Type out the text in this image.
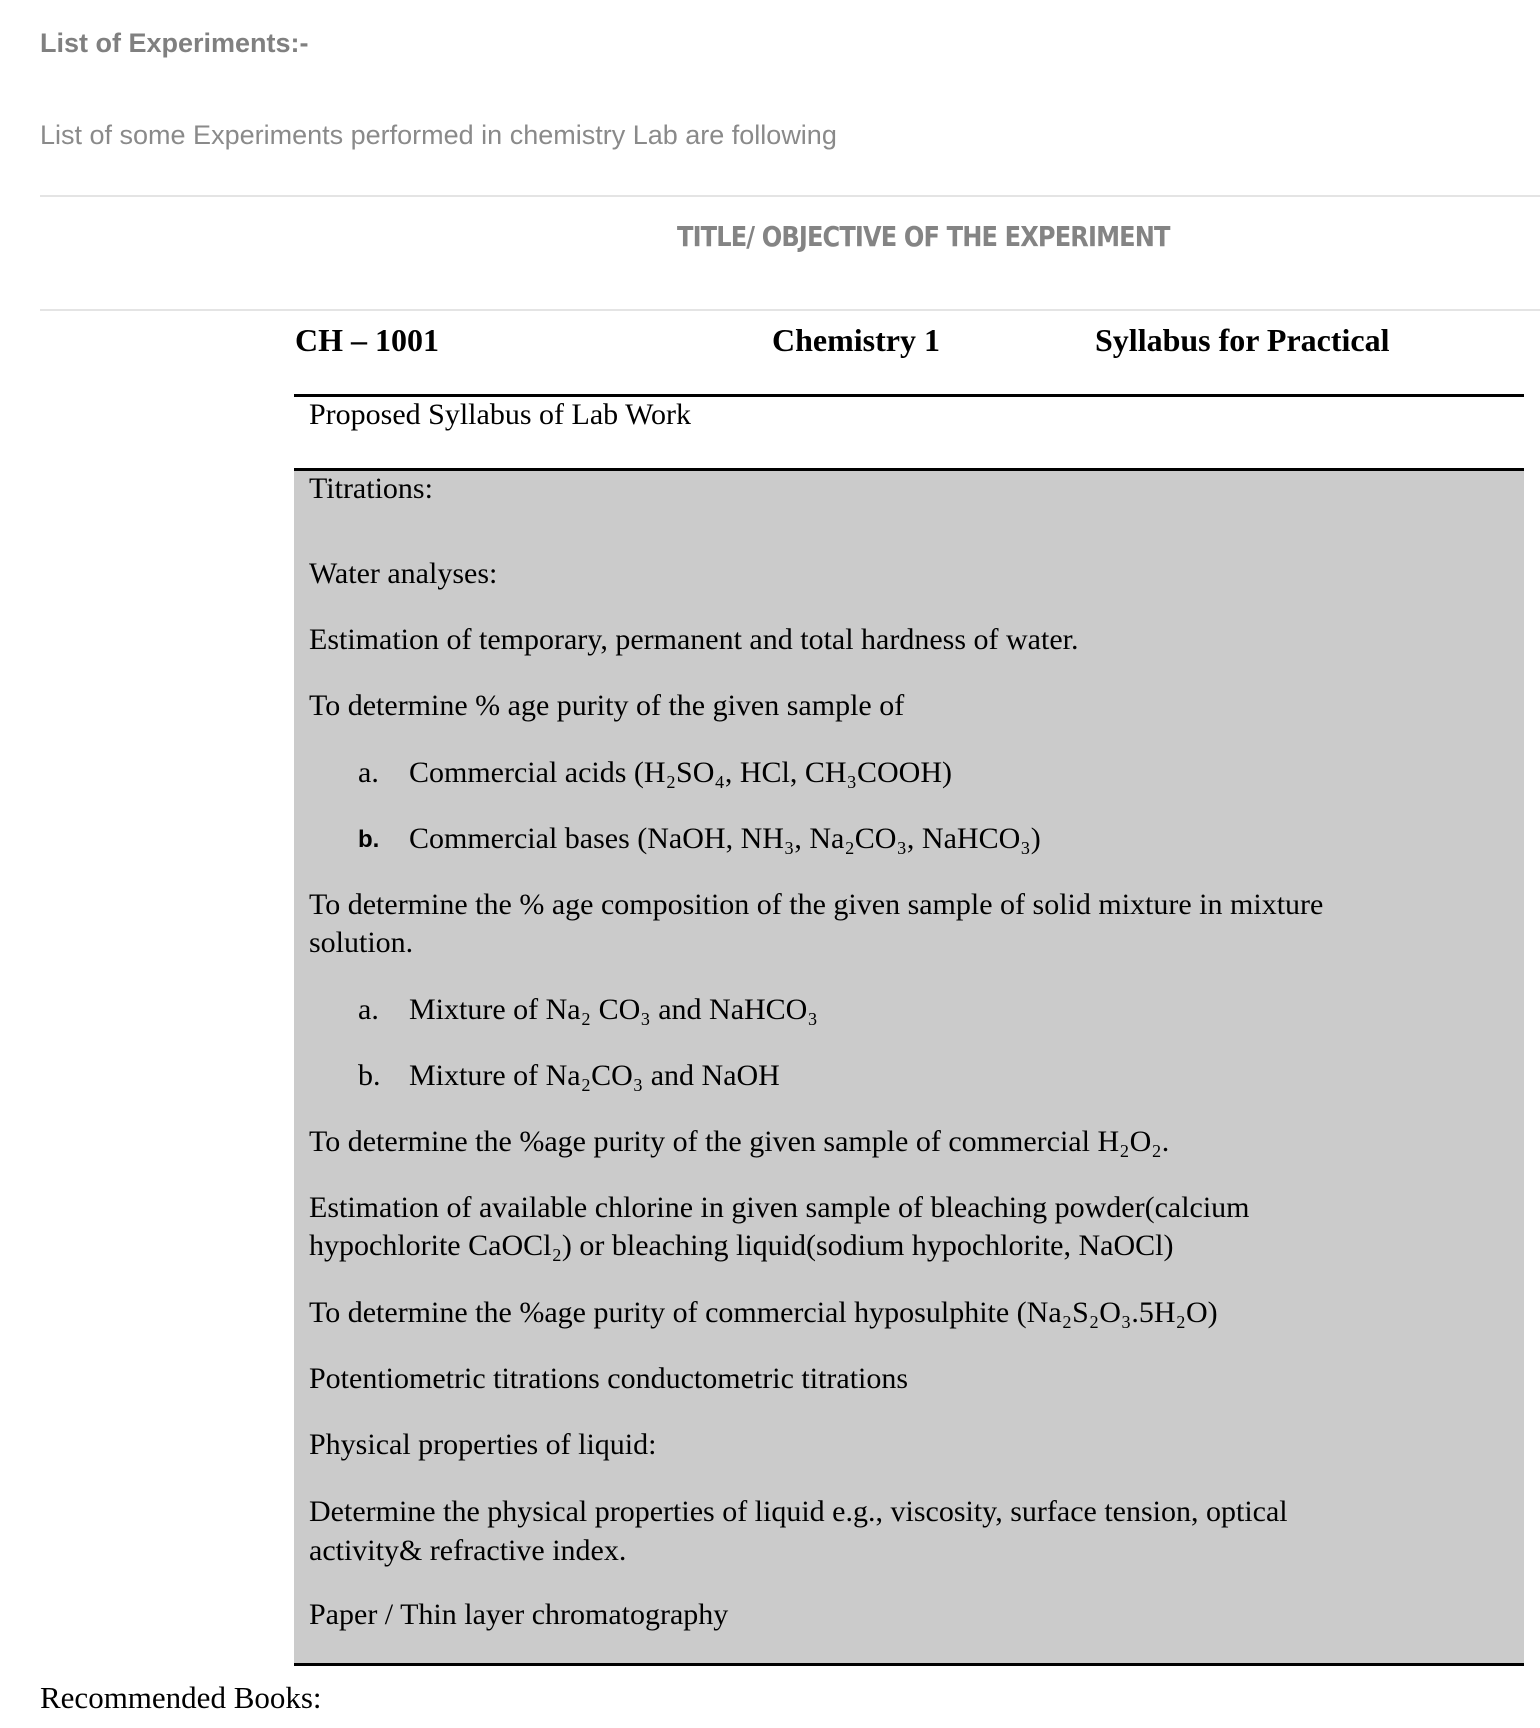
List of Experiments:-
List of some Experiments performed in chemistry Lab are following
TITLE/ OBJECTIVE OF THE EXPERIMENT
CH – 1001	Chemistry 1	Syllabus for Practical
Proposed Syllabus of Lab Work
Titrations:
Water analyses:
Estimation of temporary, permanent and total hardness of water.
To determine % age purity of the given sample of
a. Commercial acids (H₂SO₄, HCl, CH₃COOH)
b. Commercial bases (NaOH, NH₃, Na₂CO₃, NaHCO₃)
To determine the % age composition of the given sample of solid mixture in mixture
solution.
a. Mixture of Na₂ CO₃ and NaHCO₃
b. Mixture of Na₂CO₃ and NaOH
To determine the %age purity of the given sample of commercial H₂O₂.
Estimation of available chlorine in given sample of bleaching powder(calcium
hypochlorite CaOCl₂) or bleaching liquid(sodium hypochlorite, NaOCl)
To determine the %age purity of commercial hyposulphite (Na₂S₂O₃.5H₂O)
Potentiometric titrations conductometric titrations
Physical properties of liquid:
Determine the physical properties of liquid e.g., viscosity, surface tension, optical
activity& refractive index.
Paper / Thin layer chromatography
Recommended Books:
